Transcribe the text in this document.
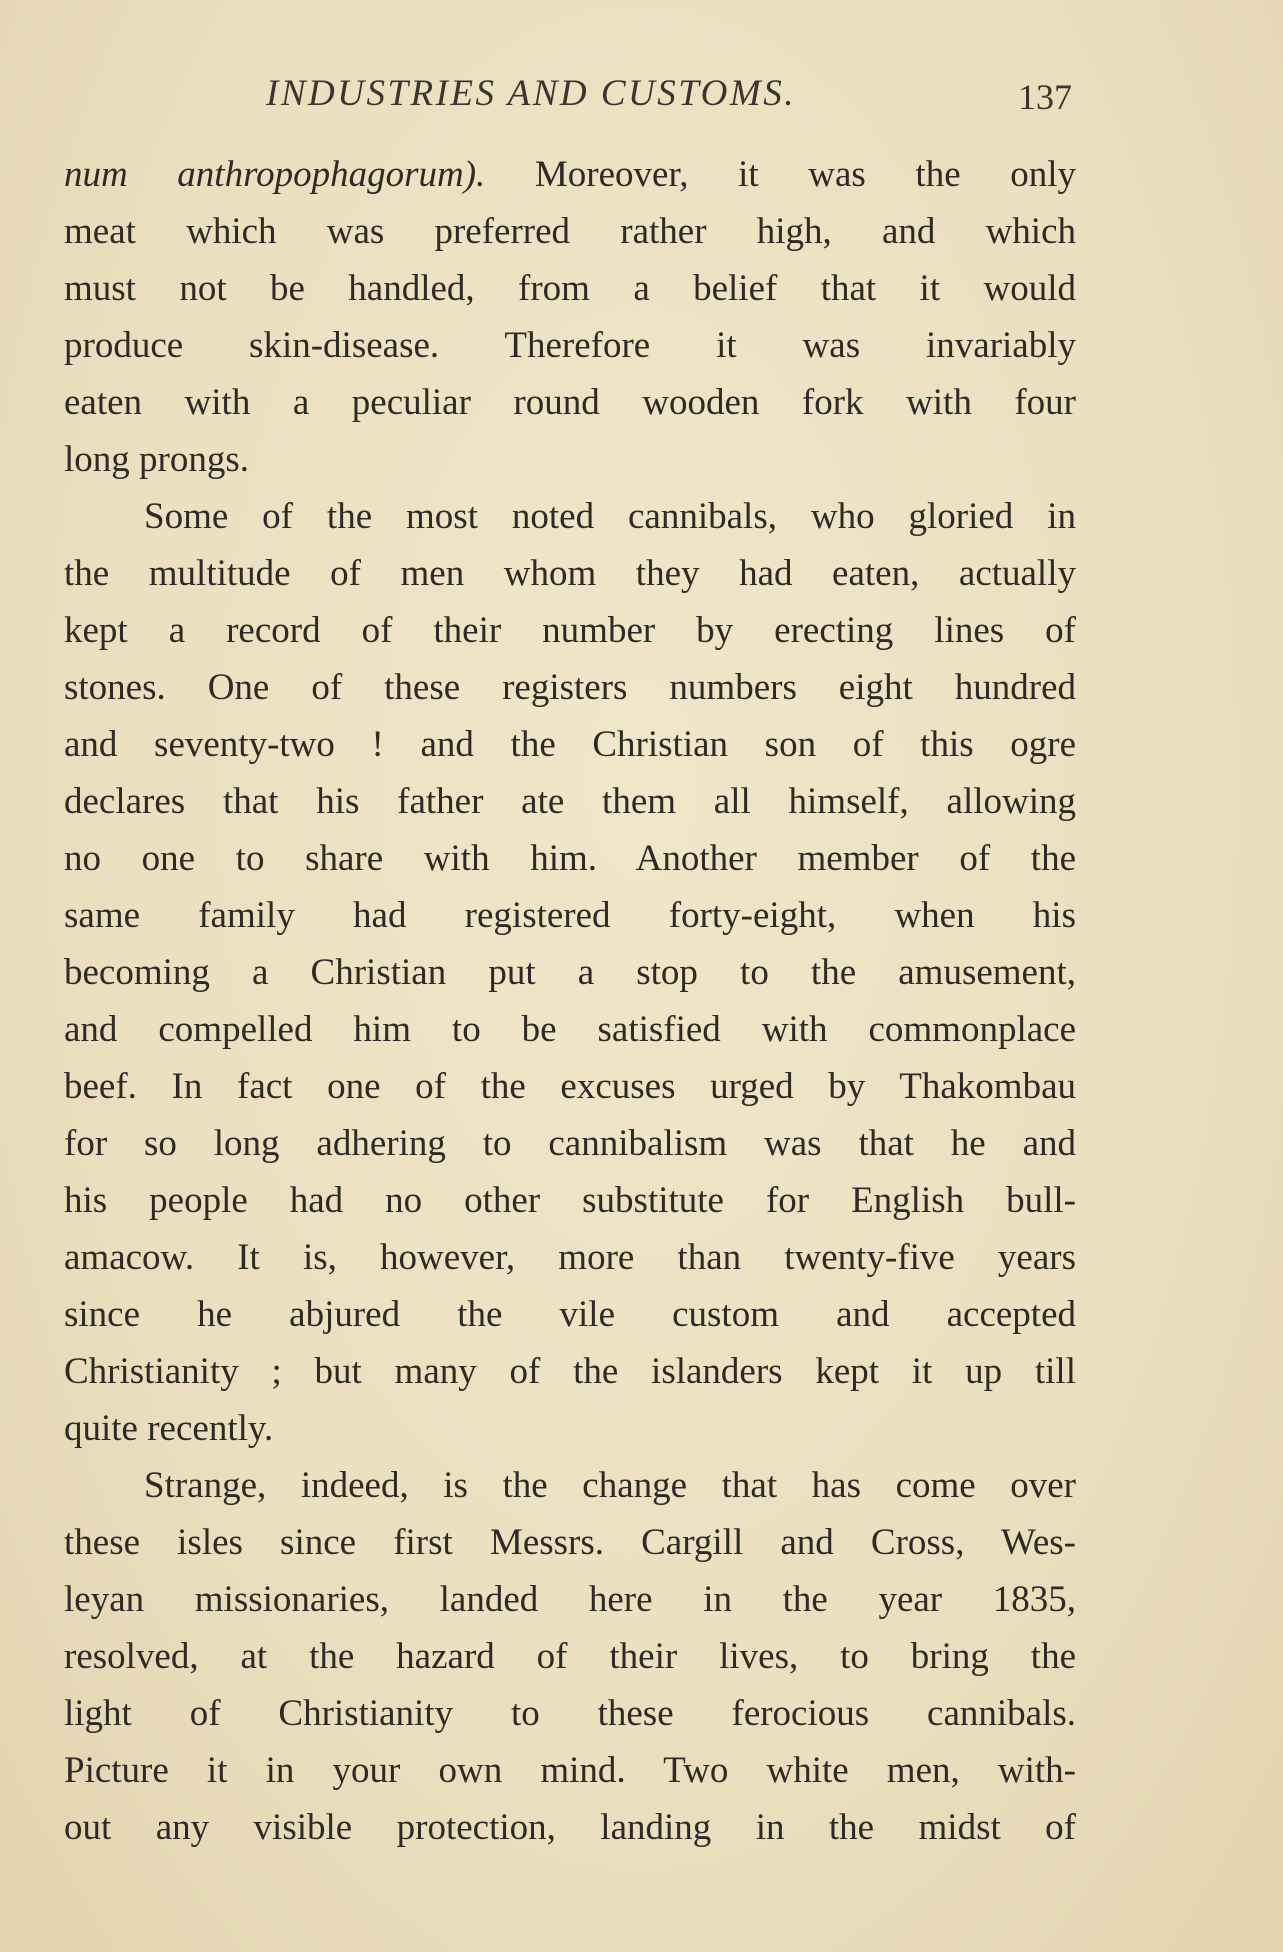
INDUSTRIES AND CUSTOMS.	137
num anthropophagorum). Moreover, it was the only
meat which was preferred rather high, and which
must not be handled, from a belief that it would
produce skin-disease. Therefore it was invariably
eaten with a peculiar round wooden fork with four
long prongs.
Some of the most noted cannibals, who gloried in
the multitude of men whom they had eaten, actually
kept a record of their number by erecting lines of
stones. One of these registers numbers eight hundred
and seventy-two ! and the Christian son of this ogre
declares that his father ate them all himself, allowing
no one to share with him. Another member of the
same family had registered forty-eight, when his
becoming a Christian put a stop to the amusement,
and compelled him to be satisfied with commonplace
beef. In fact one of the excuses urged by Thakombau
for so long adhering to cannibalism was that he and
his people had no other substitute for English bull-
amacow. It is, however, more than twenty-five years
since he abjured the vile custom and accepted
Christianity ; but many of the islanders kept it up till
quite recently.
Strange, indeed, is the change that has come over
these isles since first Messrs. Cargill and Cross, Wes-
leyan missionaries, landed here in the year 1835,
resolved, at the hazard of their lives, to bring the
light of Christianity to these ferocious cannibals.
Picture it in your own mind. Two white men, with-
out any visible protection, landing in the midst of
